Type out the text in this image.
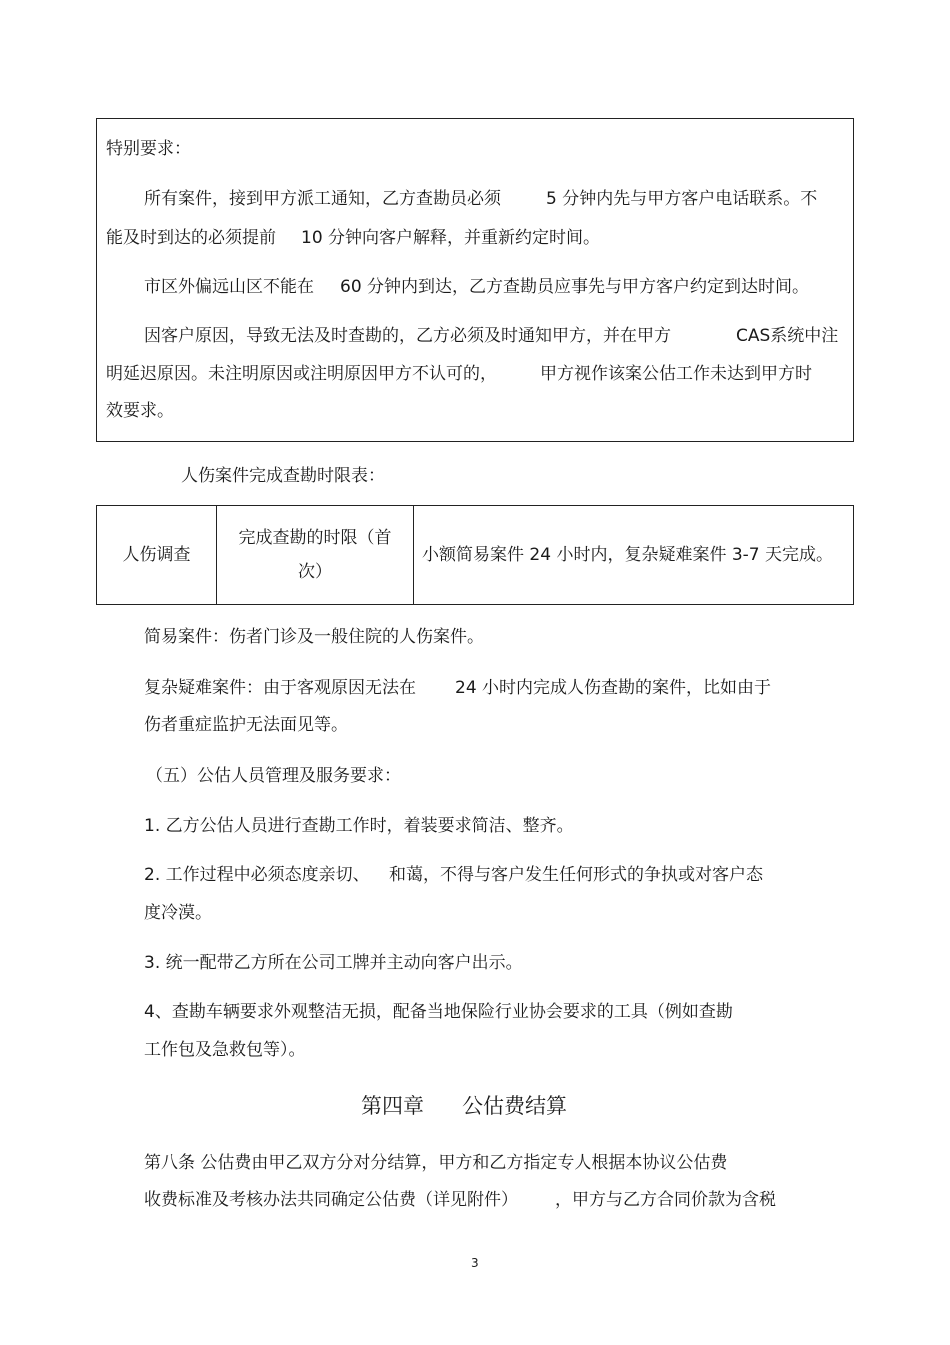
特别要求：
所有案件，接到甲方派工通知，乙方查勘员必须	5 分钟内先与甲方客户电话联系。不
能及时到达的必须提前 10 分钟向客户解释，并重新约定时间。
市区外偏远山区不能在 60 分钟内到达，乙方查勘员应事先与甲方客户约定到达时间。
因客户原因，导致无法及时查勘的，乙方必须及时通知甲方，并在甲方	CAS系统中注
明延迟原因。未注明原因或注明原因甲方不认可的，	甲方视作该案公估工作未达到甲方时
效要求。
人伤案件完成查勘时限表：
人伤调查	完成查勘的时限（首
次）	小额简易案件 24 小时内，复杂疑难案件 3-7 天完成。
简易案件：伤者门诊及一般住院的人伤案件。
复杂疑难案件：由于客观原因无法在 24 小时内完成人伤查勘的案件，比如由于
伤者重症监护无法面见等。
（五）公估人员管理及服务要求：
1. 乙方公估人员进行查勘工作时，着装要求简洁、整齐。
2. 工作过程中必须态度亲切、 和蔼，不得与客户发生任何形式的争执或对客户态
度冷漠。
3. 统一配带乙方所在公司工牌并主动向客户出示。
4、查勘车辆要求外观整洁无损，配备当地保险行业协会要求的工具（例如查勘
工作包及急救包等）。
第四章 公估费结算
第八条 公估费由甲乙双方分对分结算，甲方和乙方指定专人根据本协议公估费
收费标准及考核办法共同确定公估费（详见附件） ，甲方与乙方合同价款为含税
3
